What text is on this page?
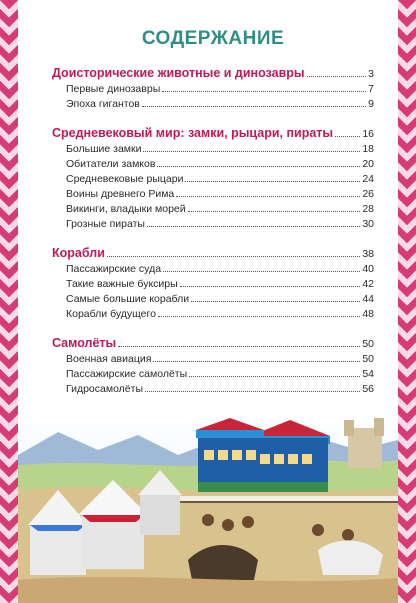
СОДЕРЖАНИЕ
Доисторические животные и динозавры	3
Первые динозавры	7
Эпоха гигантов	9
Средневековый мир: замки, рыцари, пираты	16
Большие замки	18
Обитатели замков	20
Средневековые рыцари	24
Воины древнего Рима	26
Викинги, владыки морей	28
Грозные пираты	30
Корабли	38
Пассажирские суда	40
Такие важные буксиры	42
Самые большие корабли	44
Корабли будущего	48
Самолёты	50
Военная авиация	50
Пассажирские самолёты	54
Гидросамолёты	56
